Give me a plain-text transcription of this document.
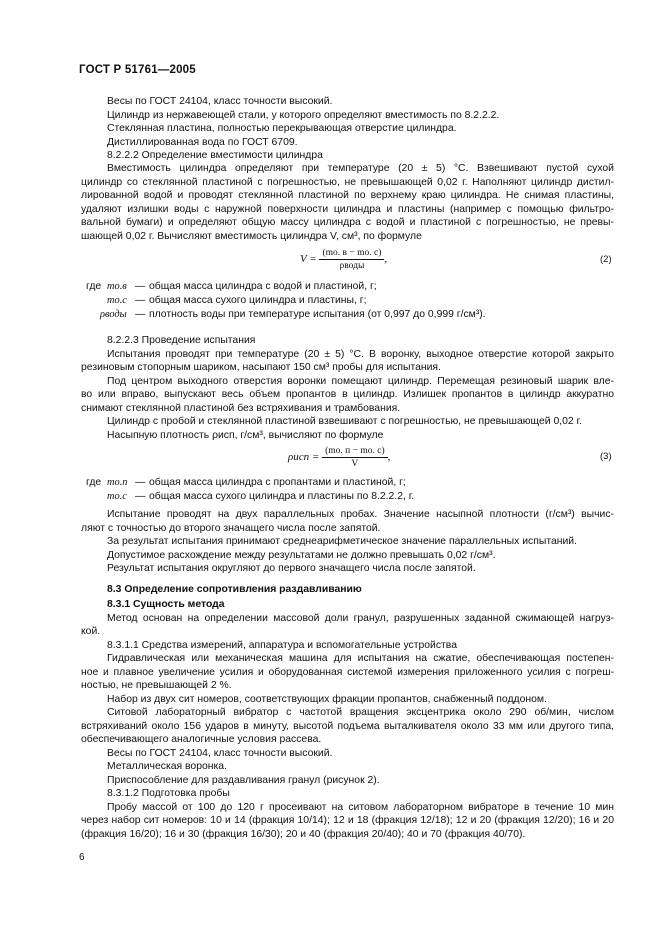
ГОСТ Р 51761—2005
Весы по ГОСТ 24104, класс точности высокий.
Цилиндр из нержавеющей стали, у которого определяют вместимость по 8.2.2.2.
Стеклянная пластина, полностью перекрывающая отверстие цилиндра.
Дистиллированная вода по ГОСТ 6709.
8.2.2.2 Определение вместимости цилиндра
Вместимость цилиндра определяют при температуре (20 ± 5) °С. Взвешивают пустой сухой
цилиндр со стеклянной пластиной с погрешностью, не превышающей 0,02 г. Наполняют цилиндр дистил-
лированной водой и проводят стеклянной пластиной по верхнему краю цилиндра. Не снимая пластины,
удаляют излишки воды с наружной поверхности цилиндра и пластины (например с помощью фильтро-
вальной бумаги) и определяют общую массу цилиндра с водой и пластиной с погрешностью, не превы-
шающей 0,02 г. Вычисляют вместимость цилиндра V, см³, по формуле
$V = \frac{(mо. в - mо. с)}{\text{ρводы}}$ ,	(2)
где mо.в — общая масса цилиндра с водой и пластиной, г;
mо.с — общая масса сухого цилиндра и пластины, г;
ρводы — плотность воды при температуре испытания (от 0,997 до 0,999 г/см³).
8.2.2.3 Проведение испытания
Испытания проводят при температуре (20 ± 5) °С. В воронку, выходное отверстие которой закрыто
резиновым стопорным шариком, насыпают 150 см³ пробы для испытания.
Под центром выходного отверстия воронки помещают цилиндр. Перемещая резиновый шарик вле-
во или вправо, выпускают весь объем пропантов в цилиндр. Излишек пропантов в цилиндр аккуратно
снимают стеклянной пластиной без встряхивания и трамбования.
Цилиндр с пробой и стеклянной пластиной взвешивают с погрешностью, не превышающей 0,02 г.
Насыпную плотность ρисп, г/см³, вычисляют по формуле
$\rho исп = \frac{(mо. п - mо. с)}{V}$ ,	(3)
где mо.п — общая масса цилиндра с пропантами и пластиной, г;
mо.с — общая масса сухого цилиндра и пластины по 8.2.2.2, г.
Испытание проводят на двух параллельных пробах. Значение насыпной плотности (г/см³) вычис-
ляют с точностью до второго значащего числа после запятой.
За результат испытания принимают среднеарифметическое значение параллельных испытаний.
Допустимое расхождение между результатами не должно превышать 0,02 г/см³.
Результат испытания округляют до первого значащего числа после запятой.
8.3 Определение сопротивления раздавливанию
8.3.1 Сущность метода
Метод основан на определении массовой доли гранул, разрушенных заданной сжимающей нагруз-
кой.
8.3.1.1 Средства измерений, аппаратура и вспомогательные устройства
Гидравлическая или механическая машина для испытания на сжатие, обеспечивающая постепен-
ное и плавное увеличение усилия и оборудованная системой измерения приложенного усилия с погреш-
ностью, не превышающей 2 %.
Набор из двух сит номеров, соответствующих фракции пропантов, снабженный поддоном.
Ситовой лабораторный вибратор с частотой вращения эксцентрика около 290 об/мин, числом
встряхиваний около 156 ударов в минуту, высотой подъема выталкивателя около 33 мм или другого типа,
обеспечивающего аналогичные условия рассева.
Весы по ГОСТ 24104, класс точности высокий.
Металлическая воронка.
Приспособление для раздавливания гранул (рисунок 2).
8.3.1.2 Подготовка пробы
Пробу массой от 100 до 120 г просеивают на ситовом лабораторном вибраторе в течение 10 мин
через набор сит номеров: 10 и 14 (фракция 10/14); 12 и 18 (фракция 12/18); 12 и 20 (фракция 12/20); 16 и 20
(фракция 16/20); 16 и 30 (фракция 16/30); 20 и 40 (фракция 20/40); 40 и 70 (фракция 40/70).
6
